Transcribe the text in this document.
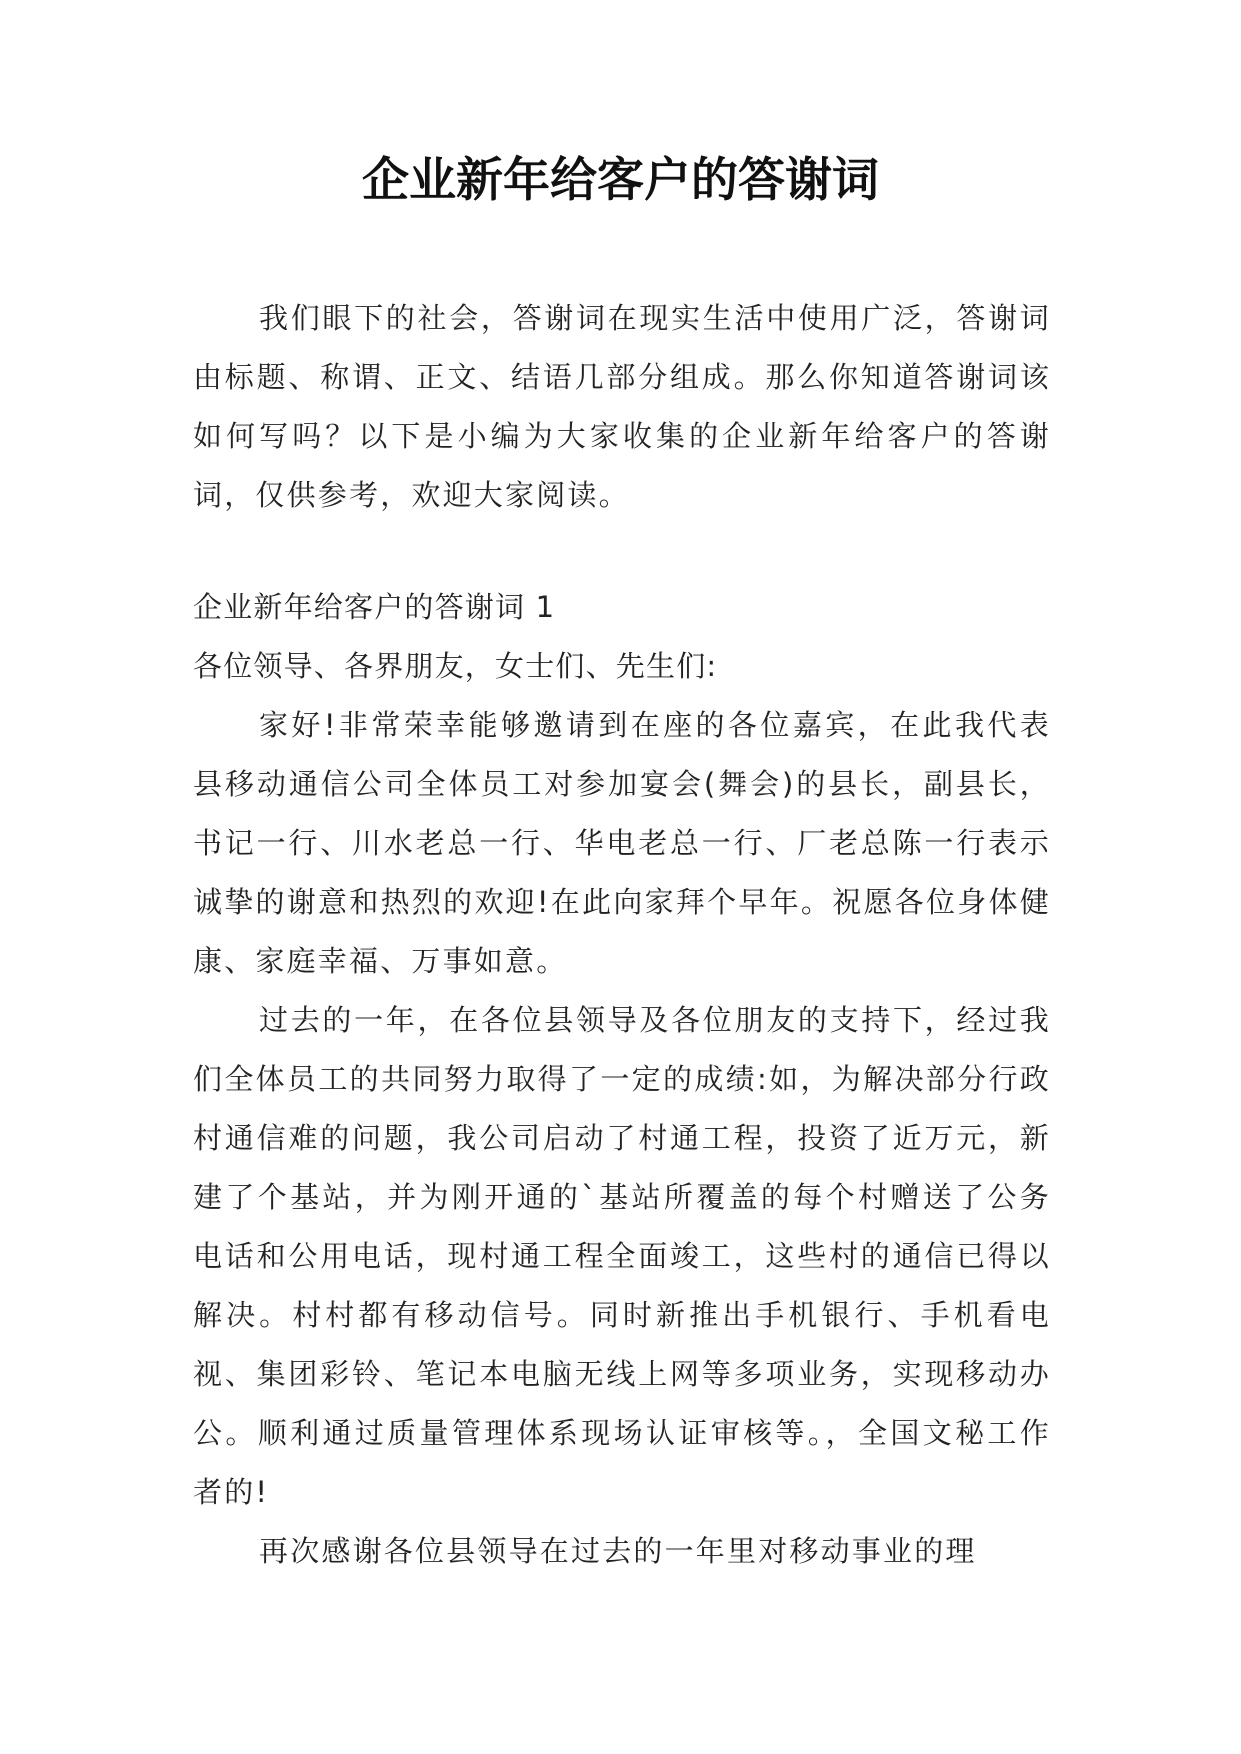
企业新年给客户的答谢词

我们眼下的社会，答谢词在现实生活中使用广泛，答谢词由标题、称谓、正文、结语几部分组成。那么你知道答谢词该如何写吗？以下是小编为大家收集的企业新年给客户的答谢词，仅供参考，欢迎大家阅读。

企业新年给客户的答谢词 1

各位领导、各界朋友，女士们、先生们:

家好!非常荣幸能够邀请到在座的各位嘉宾，在此我代表县移动通信公司全体员工对参加宴会(舞会)的县长，副县长，书记一行、川水老总一行、华电老总一行、厂老总陈一行表示诚挚的谢意和热烈的欢迎!在此向家拜个早年。祝愿各位身体健康、家庭幸福、万事如意。

过去的一年，在各位县领导及各位朋友的支持下，经过我们全体员工的共同努力取得了一定的成绩:如，为解决部分行政村通信难的问题，我公司启动了村通工程，投资了近万元，新建了个基站，并为刚开通的`基站所覆盖的每个村赠送了公务电话和公用电话，现村通工程全面竣工，这些村的通信已得以解决。村村都有移动信号。同时新推出手机银行、手机看电视、集团彩铃、笔记本电脑无线上网等多项业务，实现移动办公。顺利通过质量管理体系现场认证审核等。，全国文秘工作者的!

再次感谢各位县领导在过去的一年里对移动事业的理
